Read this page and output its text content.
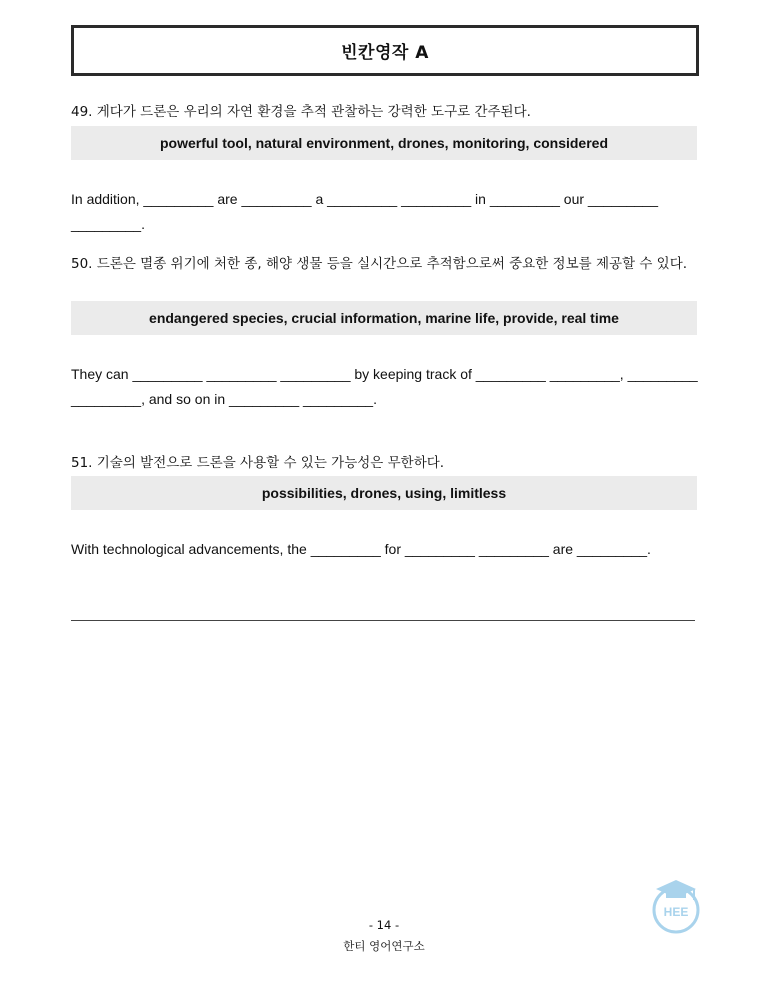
빈칸영작 A
49. 게다가 드론은 우리의 자연 환경을 추적 관찰하는 강력한 도구로 간주된다.
powerful tool, natural environment, drones, monitoring, considered
In addition, _________ are _________ a _________ _________ in _________ our _________ _________.
50. 드론은 멸종 위기에 처한 종, 해양 생물 등을 실시간으로 추적함으로써 중요한 정보를 제공할 수 있다.
endangered species, crucial information, marine life, provide, real time
They can _________ _________ _________ by keeping track of _________ _________, _________ _________, and so on in _________ _________.
51. 기술의 발전으로 드론을 사용할 수 있는 가능성은 무한하다.
possibilities, drones, using, limitless
With technological advancements, the _________ for _________ _________ are _________.
- 14 -
한티 영어연구소
HEE
